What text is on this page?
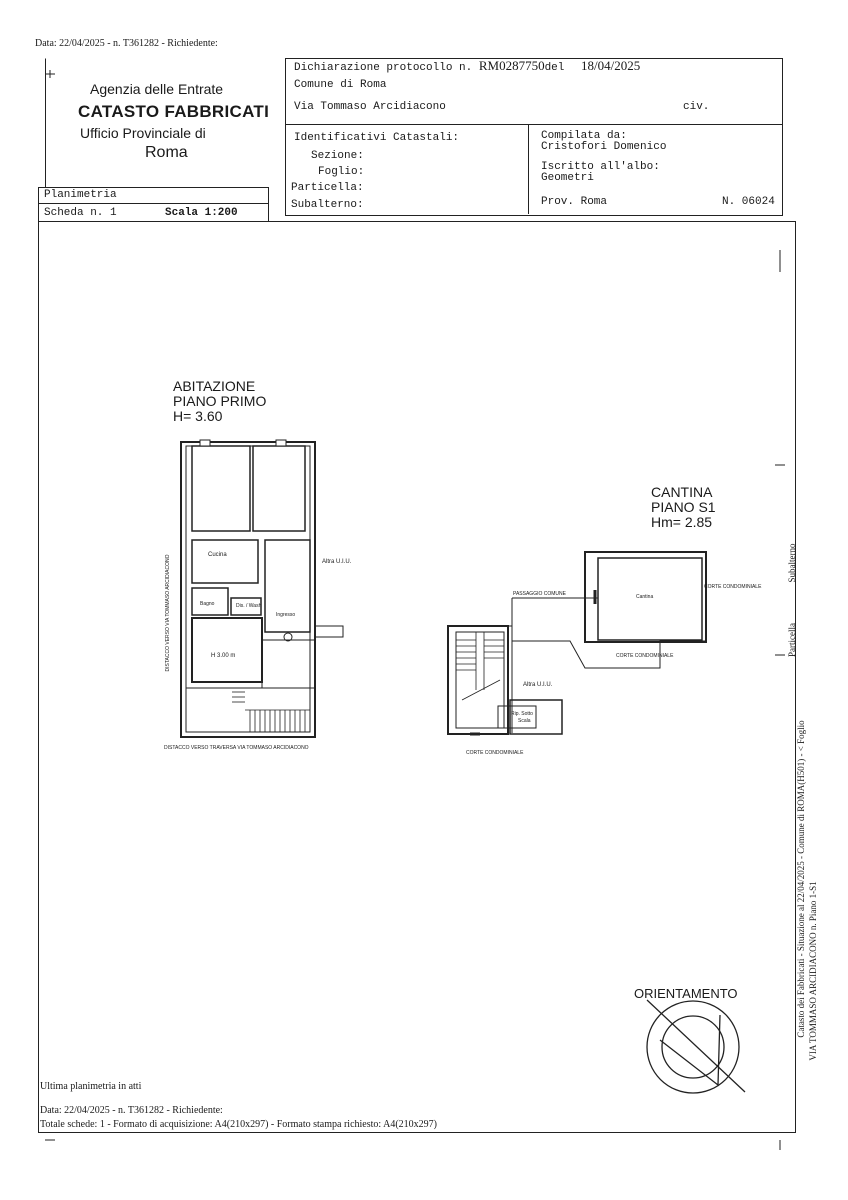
Data: 22/04/2025 - n. T361282 - Richiedente:
Agenzia delle Entrate
CATASTO FABBRICATI
Ufficio Provinciale di
Roma
Dichiarazione protocollo n. RM0287750del 18/04/2025
Comune di Roma
Via Tommaso Arcidiacono	civ.
Identificativi Catastali:
Sezione:
Foglio:
Particella:
Subalterno:
Compilata da:
Cristofori Domenico
Iscritto all'albo:
Geometri
Prov. Roma	N. 06024
Planimetria
Scheda n. 1	Scala 1:200
ABITAZIONE
PIANO PRIMO
H= 3.60
Cucina
Bagno	Dis. / Wash
Ingresso
H 3.00 m
Altra U.I.U.
DISTACCO VERSO VIA TOMMASO ARCIDIACONO
DISTACCO VERSO TRAVERSA VIA TOMMASO ARCIDIACONO
CANTINA
PIANO S1
Hm= 2.85
Cantina
PASSAGGIO COMUNE
CORTE CONDOMINIALE
CORTE CONDOMINIALE
CORTE CONDOMINIALE
Altra U.I.U.
Rip. Sotto
Scala
ORIENTAMENTO
Subalterno
Particella
Catasto dei Fabbricati - Situazione al 22/04/2025 - Comune di ROMA(H501) - < Foglio VIA TOMMASO ARCIDIACONO n. Piano 1-S1
Ultima planimetria in atti
Data: 22/04/2025 - n. T361282 - Richiedente:
Totale schede: 1 - Formato di acquisizione: A4(210x297) - Formato stampa richiesto: A4(210x297)
